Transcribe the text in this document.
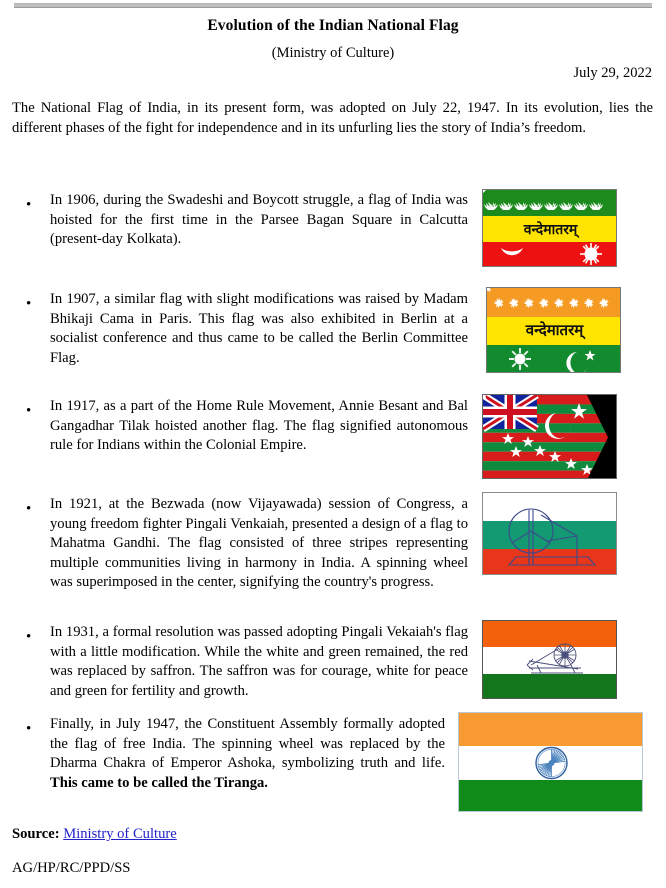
Evolution of the Indian National Flag
(Ministry of Culture)
July 29, 2022
The National Flag of India, in its present form, was adopted on July 22, 1947. In its evolution, lies the different phases of the fight for independence and in its unfurling lies the story of India’s freedom.
• In 1906, during the Swadeshi and Boycott struggle, a flag of India was hoisted for the first time in the Parsee Bagan Square in Calcutta (present-day Kolkata).
वन्देमातरम्
• In 1907, a similar flag with slight modifications was raised by Madam Bhikaji Cama in Paris. This flag was also exhibited in Berlin at a socialist conference and thus came to be called the Berlin Committee Flag.
वन्देमातरम्
• In 1917, as a part of the Home Rule Movement, Annie Besant and Bal Gangadhar Tilak hoisted another flag. The flag signified autonomous rule for Indians within the Colonial Empire.
• In 1921, at the Bezwada (now Vijayawada) session of Congress, a young freedom fighter Pingali Venkaiah, presented a design of a flag to Mahatma Gandhi. The flag consisted of three stripes representing multiple communities living in harmony in India. A spinning wheel was superimposed in the center, signifying the country's progress.
• In 1931, a formal resolution was passed adopting Pingali Vekaiah's flag with a little modification. While the white and green remained, the red was replaced by saffron. The saffron was for courage, white for peace and green for fertility and growth.
• Finally, in July 1947, the Constituent Assembly formally adopted the flag of free India. The spinning wheel was replaced by the Dharma Chakra of Emperor Ashoka, symbolizing truth and life. This came to be called the Tiranga.
Source: Ministry of Culture
AG/HP/RC/PPD/SS
